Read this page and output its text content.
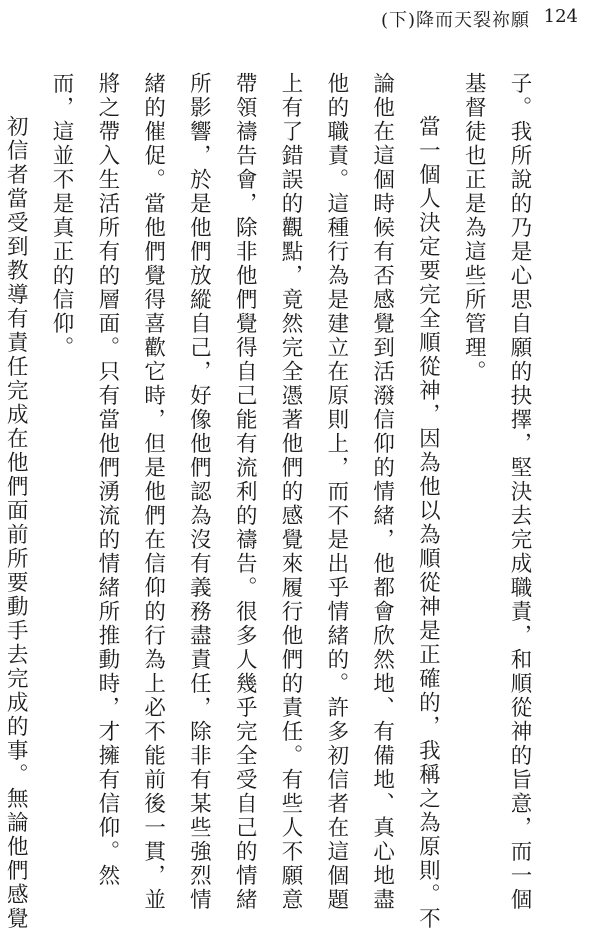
(下)降而天裂祢願 124

子。我所說的乃是心思自願的抉擇，堅決去完成職責，和順從神的旨意，而一個基督徒也正是為這些所管理。

當一個人決定要完全順從神，因為他以為順從神是正確的，我稱之為原則。不論他在這個時候有否感覺到活潑信仰的情緒，他都會欣然地、有備地、真心地盡他的職責。這種行為是建立在原則上，而不是出乎情緒的。許多初信者在這個題上有了錯誤的觀點，竟然完全憑著他們的感覺來履行他們的責任。有些人不願意帶領禱告會，除非他們覺得自己能有流利的禱告。很多人幾乎完全受自己的情緒所影響，於是他們放縱自己，好像他們認為沒有義務盡責任，除非有某些強烈情緒的催促。當他們覺得喜歡它時，但是他們在信仰的行為上必不能前後一貫，並將之帶入生活所有的層面。只有當他們湧流的情緒所推動時，才擁有信仰。然而，這並不是真正的信仰。

初信者當受到教導有責任完成在他們面前所要動手去完成的事。無論他們感覺
